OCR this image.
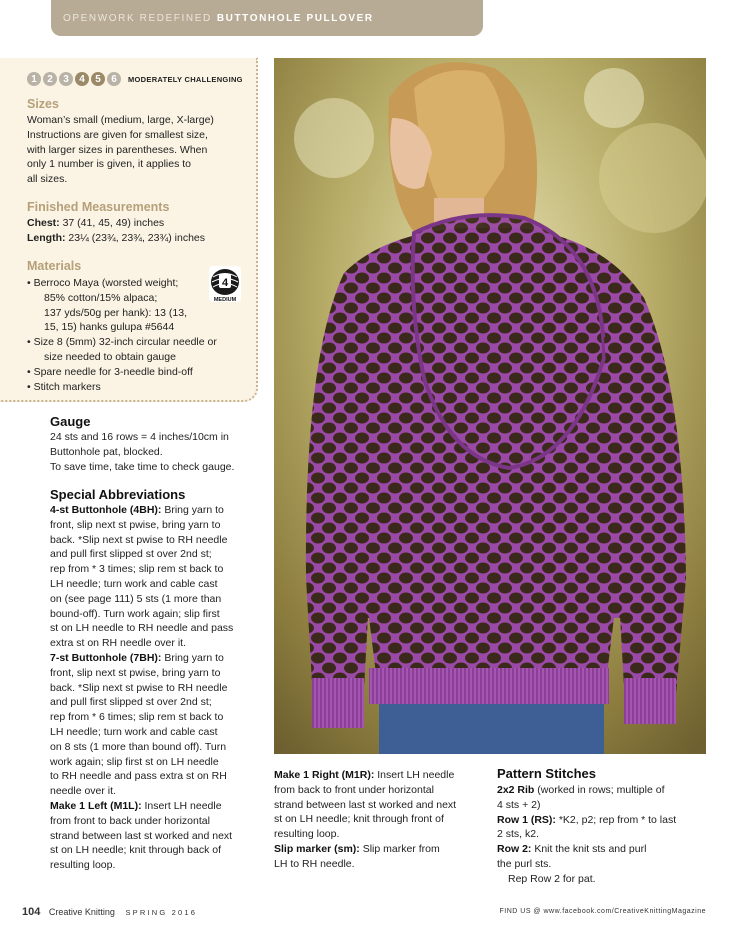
OPENWORK REDEFINED BUTTONHOLE PULLOVER
1	2	3	4	5	6	MODERATELY CHALLENGING
Sizes
Woman’s small (medium, large, X-large)
Instructions are given for smallest size,
with larger sizes in parentheses. When
only 1 number is given, it applies to
all sizes.
Finished Measurements
Chest: 37 (41, 45, 49) inches
Length: 23¼ (23¾, 23¾, 23¾) inches
Materials
4
MEDIUM
• Berroco Maya (worsted weight;
85% cotton/15% alpaca;
137 yds/50g per hank): 13 (13,
15, 15) hanks gulupa #5644
• Size 8 (5mm) 32-inch circular needle or
size needed to obtain gauge
• Spare needle for 3-needle bind-off
• Stitch markers
Gauge

24 sts and 16 rows = 4 inches/10cm in

Buttonhole pat, blocked.

To save time, take time to check gauge.

Special Abbreviations

4-st Buttonhole (4BH): Bring yarn to

front, slip next st pwise, bring yarn to

back. *Slip next st pwise to RH needle

and pull first slipped st over 2nd st;

rep from * 3 times; slip rem st back to

LH needle; turn work and cable cast

on (see page 111) 5 sts (1 more than

bound-off). Turn work again; slip first

st on LH needle to RH needle and pass

extra st on RH needle over it.

7-st Buttonhole (7BH): Bring yarn to

front, slip next st pwise, bring yarn to

back. *Slip next st pwise to RH needle

and pull first slipped st over 2nd st;

rep from * 6 times; slip rem st back to

LH needle; turn work and cable cast

on 8 sts (1 more than bound off). Turn

work again; slip first st on LH needle

to RH needle and pass extra st on RH

needle over it.

Make 1 Left (M1L): Insert LH needle

from front to back under horizontal

strand between last st worked and next

st on LH needle; knit through back of

resulting loop.

Make 1 Right (M1R): Insert LH needle

from back to front under horizontal

strand between last st worked and next

st on LH needle; knit through front of

resulting loop.

Slip marker (sm): Slip marker from

LH to RH needle.

Pattern Stitches

2x2 Rib (worked in rows; multiple of

4 sts + 2)

Row 1 (RS): *K2, p2; rep from * to last

2 sts, k2.

Row 2: Knit the knit sts and purl

the purl sts.

Rep Row 2 for pat.

104 Creative Knitting SPRING 2016	FIND US @ www.facebook.com/CreativeKnittingMagazine
